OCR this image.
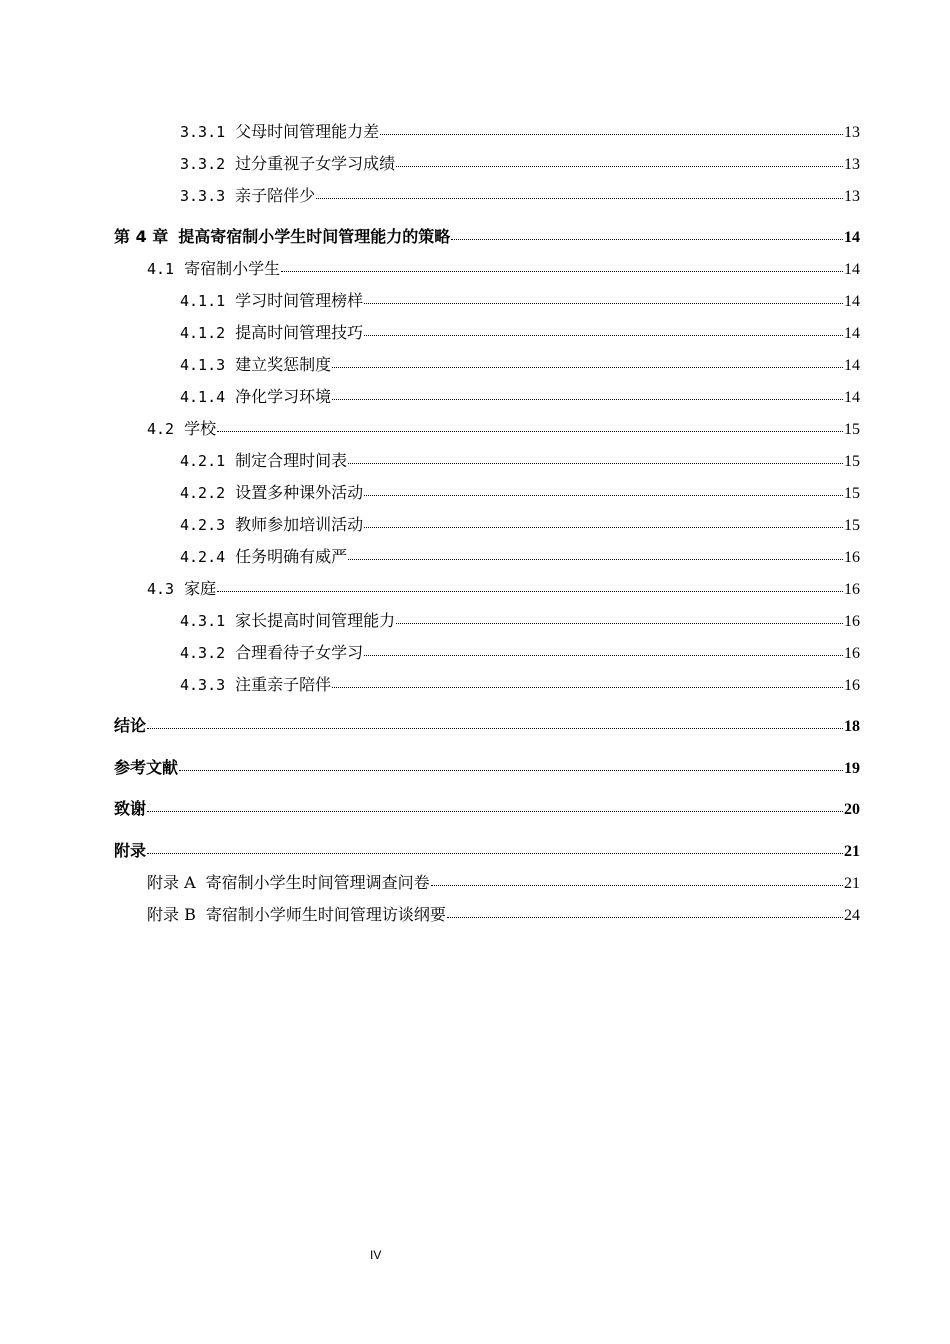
3.3.1 父母时间管理能力差	13
3.3.2 过分重视子女学习成绩	13
3.3.3 亲子陪伴少	13
第 4 章 提高寄宿制小学生时间管理能力的策略	14
4.1 寄宿制小学生	14
4.1.1 学习时间管理榜样	14
4.1.2 提高时间管理技巧	14
4.1.3 建立奖惩制度	14
4.1.4 净化学习环境	14
4.2 学校	15
4.2.1 制定合理时间表	15
4.2.2 设置多种课外活动	15
4.2.3 教师参加培训活动	15
4.2.4 任务明确有威严	16
4.3 家庭	16
4.3.1 家长提高时间管理能力	16
4.3.2 合理看待子女学习	16
4.3.3 注重亲子陪伴	16
结论	18
参考文献	19
致谢	20
附录	21
附录 A 寄宿制小学生时间管理调查问卷	21
附录 B 寄宿制小学师生时间管理访谈纲要	24
IV
